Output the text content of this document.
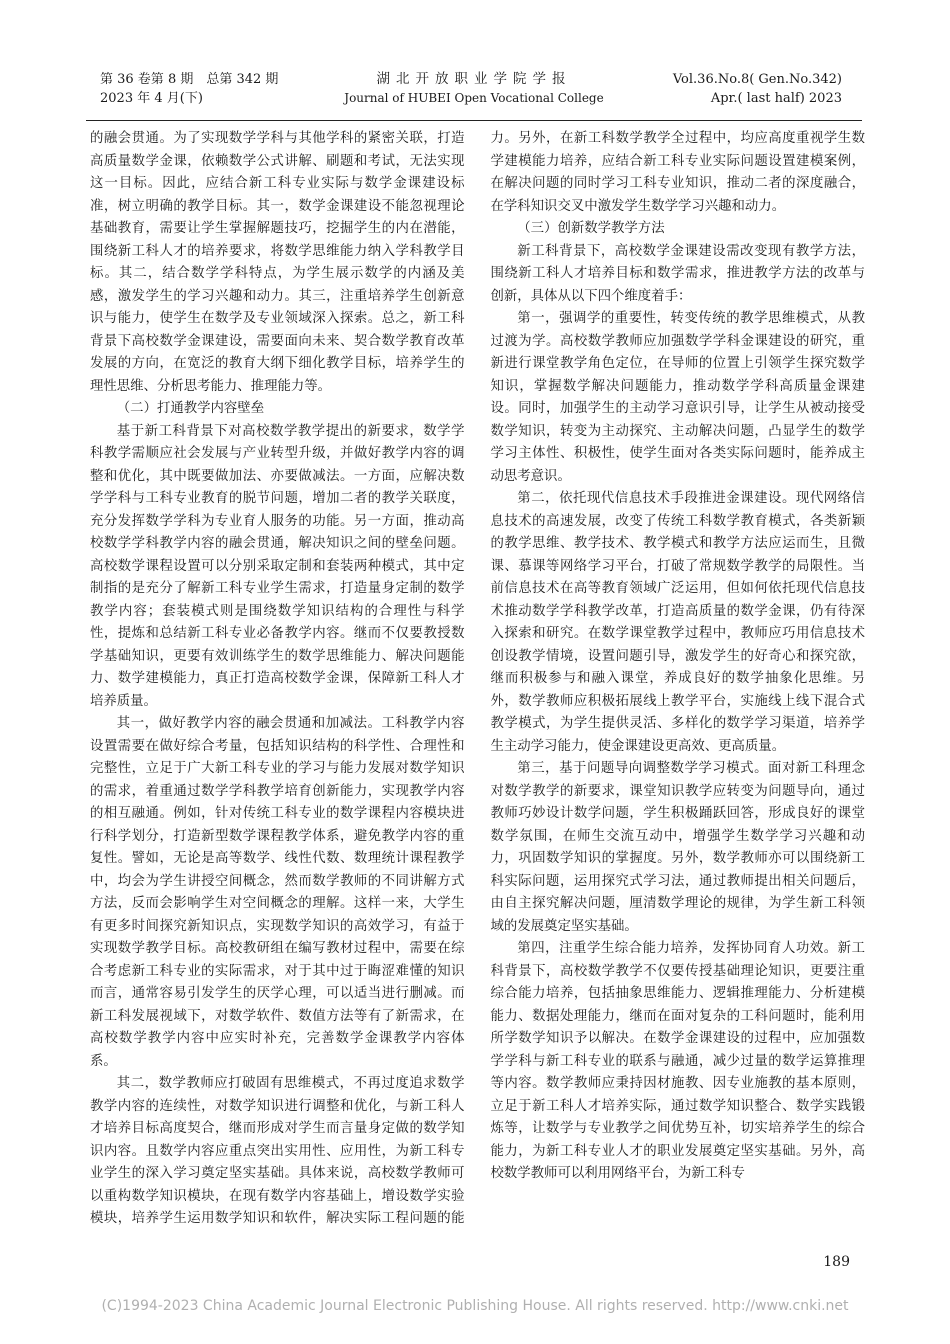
第 36 卷第 8 期　总第 342 期
2023 年 4 月(下)
湖北开放职业学院学报
Journal of HUBEI Open Vocational College
Vol.36.No.8( Gen.No.342)
Apr.( last half) 2023

的融会贯通。为了实现数学学科与其他学科的紧密关联，打造高质量数学金课，依赖数学公式讲解、刷题和考试，无法实现这一目标。因此，应结合新工科专业实际与数学金课建设标准，树立明确的教学目标。其一，数学金课建设不能忽视理论基础教育，需要让学生掌握解题技巧，挖掘学生的内在潜能，围绕新工科人才的培养要求，将数学思维能力纳入学科教学目标。其二，结合数学学科特点，为学生展示数学的内涵及美感，激发学生的学习兴趣和动力。其三，注重培养学生创新意识与能力，使学生在数学及专业领域深入探索。总之，新工科背景下高校数学金课建设，需要面向未来、契合数学教育改革发展的方向，在宽泛的教育大纲下细化教学目标，培养学生的理性思维、分析思考能力、推理能力等。

（二）打通教学内容壁垒

基于新工科背景下对高校数学教学提出的新要求，数学学科教学需顺应社会发展与产业转型升级，并做好教学内容的调整和优化，其中既要做加法、亦要做减法。一方面，应解决数学学科与工科专业教育的脱节问题，增加二者的教学关联度，充分发挥数学学科为专业育人服务的功能。另一方面，推动高校数学学科教学内容的融会贯通，解决知识之间的壁垒问题。高校数学课程设置可以分别采取定制和套装两种模式，其中定制指的是充分了解新工科专业学生需求，打造量身定制的数学教学内容；套装模式则是围绕数学知识结构的合理性与科学性，提炼和总结新工科专业必备教学内容。继而不仅要教授数学基础知识，更要有效训练学生的数学思维能力、解决问题能力、数学建模能力，真正打造高校数学金课，保障新工科人才培养质量。

其一，做好教学内容的融会贯通和加减法。工科教学内容设置需要在做好综合考量，包括知识结构的科学性、合理性和完整性，立足于广大新工科专业的学习与能力发展对数学知识的需求，着重通过数学学科教学培育创新能力，实现教学内容的相互融通。例如，针对传统工科专业的数学课程内容模块进行科学划分，打造新型数学课程教学体系，避免教学内容的重复性。譬如，无论是高等数学、线性代数、数理统计课程教学中，均会为学生讲授空间概念，然而数学教师的不同讲解方式方法，反而会影响学生对空间概念的理解。这样一来，大学生有更多时间探究新知识点，实现数学知识的高效学习，有益于实现数学教学目标。高校教研组在编写教材过程中，需要在综合考虑新工科专业的实际需求，对于其中过于晦涩难懂的知识而言，通常容易引发学生的厌学心理，可以适当进行删减。而新工科发展视域下，对数学软件、数值方法等有了新需求，在高校数学教学内容中应实时补充，完善数学金课教学内容体系。

其二，数学教师应打破固有思维模式，不再过度追求数学教学内容的连续性，对数学知识进行调整和优化，与新工科人才培养目标高度契合，继而形成对学生而言量身定做的数学知识内容。且数学内容应重点突出实用性、应用性，为新工科专业学生的深入学习奠定坚实基础。具体来说，高校数学教师可以重构数学知识模块，在现有数学内容基础上，增设数学实验模块，培养学生运用数学知识和软件，解决实际工程问题的能力。另外，在新工科数学教学全过程中，均应高度重视学生数学建模能力培养，应结合新工科专业实际问题设置建模案例，在解决问题的同时学习工科专业知识，推动二者的深度融合，在学科知识交叉中激发学生数学学习兴趣和动力。

（三）创新数学教学方法

新工科背景下，高校数学金课建设需改变现有教学方法，围绕新工科人才培养目标和数学需求，推进教学方法的改革与创新，具体从以下四个维度着手：

第一，强调学的重要性，转变传统的教学思维模式，从教过渡为学。高校数学教师应加强数学学科金课建设的研究，重新进行课堂教学角色定位，在导师的位置上引领学生探究数学知识，掌握数学解决问题能力，推动数学学科高质量金课建设。同时，加强学生的主动学习意识引导，让学生从被动接受数学知识，转变为主动探究、主动解决问题，凸显学生的数学学习主体性、积极性，使学生面对各类实际问题时，能养成主动思考意识。

第二，依托现代信息技术手段推进金课建设。现代网络信息技术的高速发展，改变了传统工科数学教育模式，各类新颖的教学思维、教学技术、教学模式和教学方法应运而生，且微课、慕课等网络学习平台，打破了常规数学教学的局限性。当前信息技术在高等教育领域广泛运用，但如何依托现代信息技术推动数学学科教学改革，打造高质量的数学金课，仍有待深入探索和研究。在数学课堂教学过程中，教师应巧用信息技术创设教学情境，设置问题引导，激发学生的好奇心和探究欲，继而积极参与和融入课堂，养成良好的数学抽象化思维。另外，数学教师应积极拓展线上教学平台，实施线上线下混合式教学模式，为学生提供灵活、多样化的数学学习渠道，培养学生主动学习能力，使金课建设更高效、更高质量。

第三，基于问题导向调整数学学习模式。面对新工科理念对数学教学的新要求，课堂知识教学应转变为问题导向，通过教师巧妙设计数学问题，学生积极踊跃回答，形成良好的课堂数学氛围，在师生交流互动中，增强学生数学学习兴趣和动力，巩固数学知识的掌握度。另外，数学教师亦可以围绕新工科实际问题，运用探究式学习法，通过教师提出相关问题后，由自主探究解决问题，厘清数学理论的规律，为学生新工科领域的发展奠定坚实基础。

第四，注重学生综合能力培养，发挥协同育人功效。新工科背景下，高校数学教学不仅要传授基础理论知识，更要注重综合能力培养，包括抽象思维能力、逻辑推理能力、分析建模能力、数据处理能力，继而在面对复杂的工科问题时，能利用所学数学知识予以解决。在数学金课建设的过程中，应加强数学学科与新工科专业的联系与融通，减少过量的数学运算推理等内容。数学教师应秉持因材施教、因专业施教的基本原则，立足于新工科人才培养实际，通过数学知识整合、数学实践锻炼等，让数学与专业教学之间优势互补，切实培养学生的综合能力，为新工科专业人才的职业发展奠定坚实基础。另外，高校数学教师可以利用网络平台，为新工科专

189
(C)1994-2023 China Academic Journal Electronic Publishing House. All rights reserved. http://www.cnki.net
